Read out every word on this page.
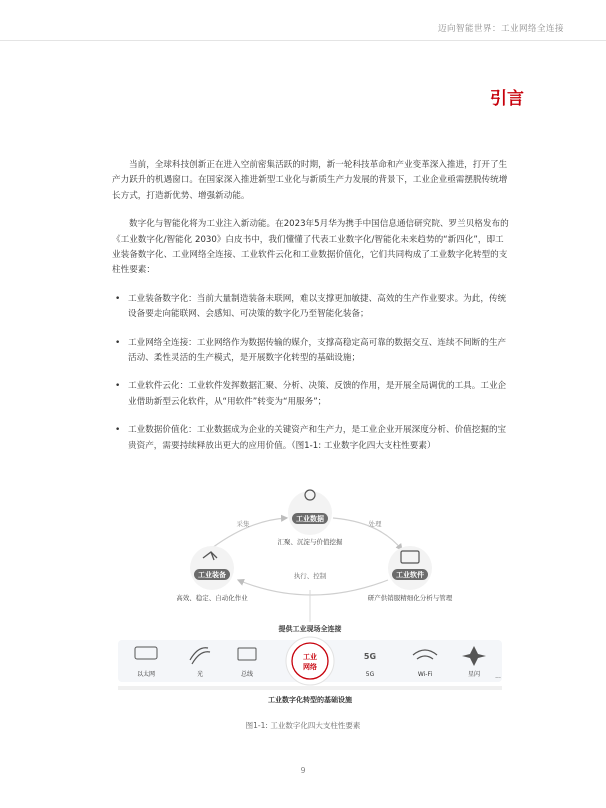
迈向智能世界：工业网络全连接
引言

当前，全球科技创新正在进入空前密集活跃的时期，新一轮科技革命和产业变革深入推进，打开了生产力跃升的机遇窗口。在国家深入推进新型工业化与新质生产力发展的背景下，工业企业亟需摆脱传统增长方式，打造新优势、增强新动能。

数字化与智能化将为工业注入新动能。在2023年5月华为携手中国信息通信研究院、罗兰贝格发布的《工业数字化/智能化 2030》白皮书中，我们懂懂了代表工业数字化/智能化未来趋势的“新四化”，即工业装备数字化、工业网络全连接、工业软件云化和工业数据价值化，它们共同构成了工业数字化转型的支柱性要素：

• 工业装备数字化：当前大量制造装备未联网，难以支撑更加敏捷、高效的生产作业要求。为此，传统设备要走向能联网、会感知、可决策的数字化乃至智能化装备；
• 工业网络全连接：工业网络作为数据传输的媒介，支撑高稳定高可靠的数据交互、连续不间断的生产活动、柔性灵活的生产模式，是开展数字化转型的基础设施；
• 工业软件云化：工业软件发挥数据汇聚、分析、决策、反馈的作用，是开展全局调优的工具。工业企业借助新型云化软件，从“用软件”转变为“用服务”；
• 工业数据价值化：工业数据成为企业的关键资产和生产力，是工业企业开展深度分析、价值挖掘的宝贵资产，需要持续释放出更大的应用价值。（图1-1: 工业数字化四大支柱性要素）
采集	处理
执行、控制
工业数据
汇聚、沉淀与价值挖掘
工业装备
高效、稳定、自动化作业
工业软件
研产供销服精细化分析与管理
提供工业现场全连接
以太网	光	总线
工业
网络
5G
5G	Wi-Fi	星闪	...
工业数字化转型的基础设施
图1-1: 工业数字化四大支柱性要素
9
